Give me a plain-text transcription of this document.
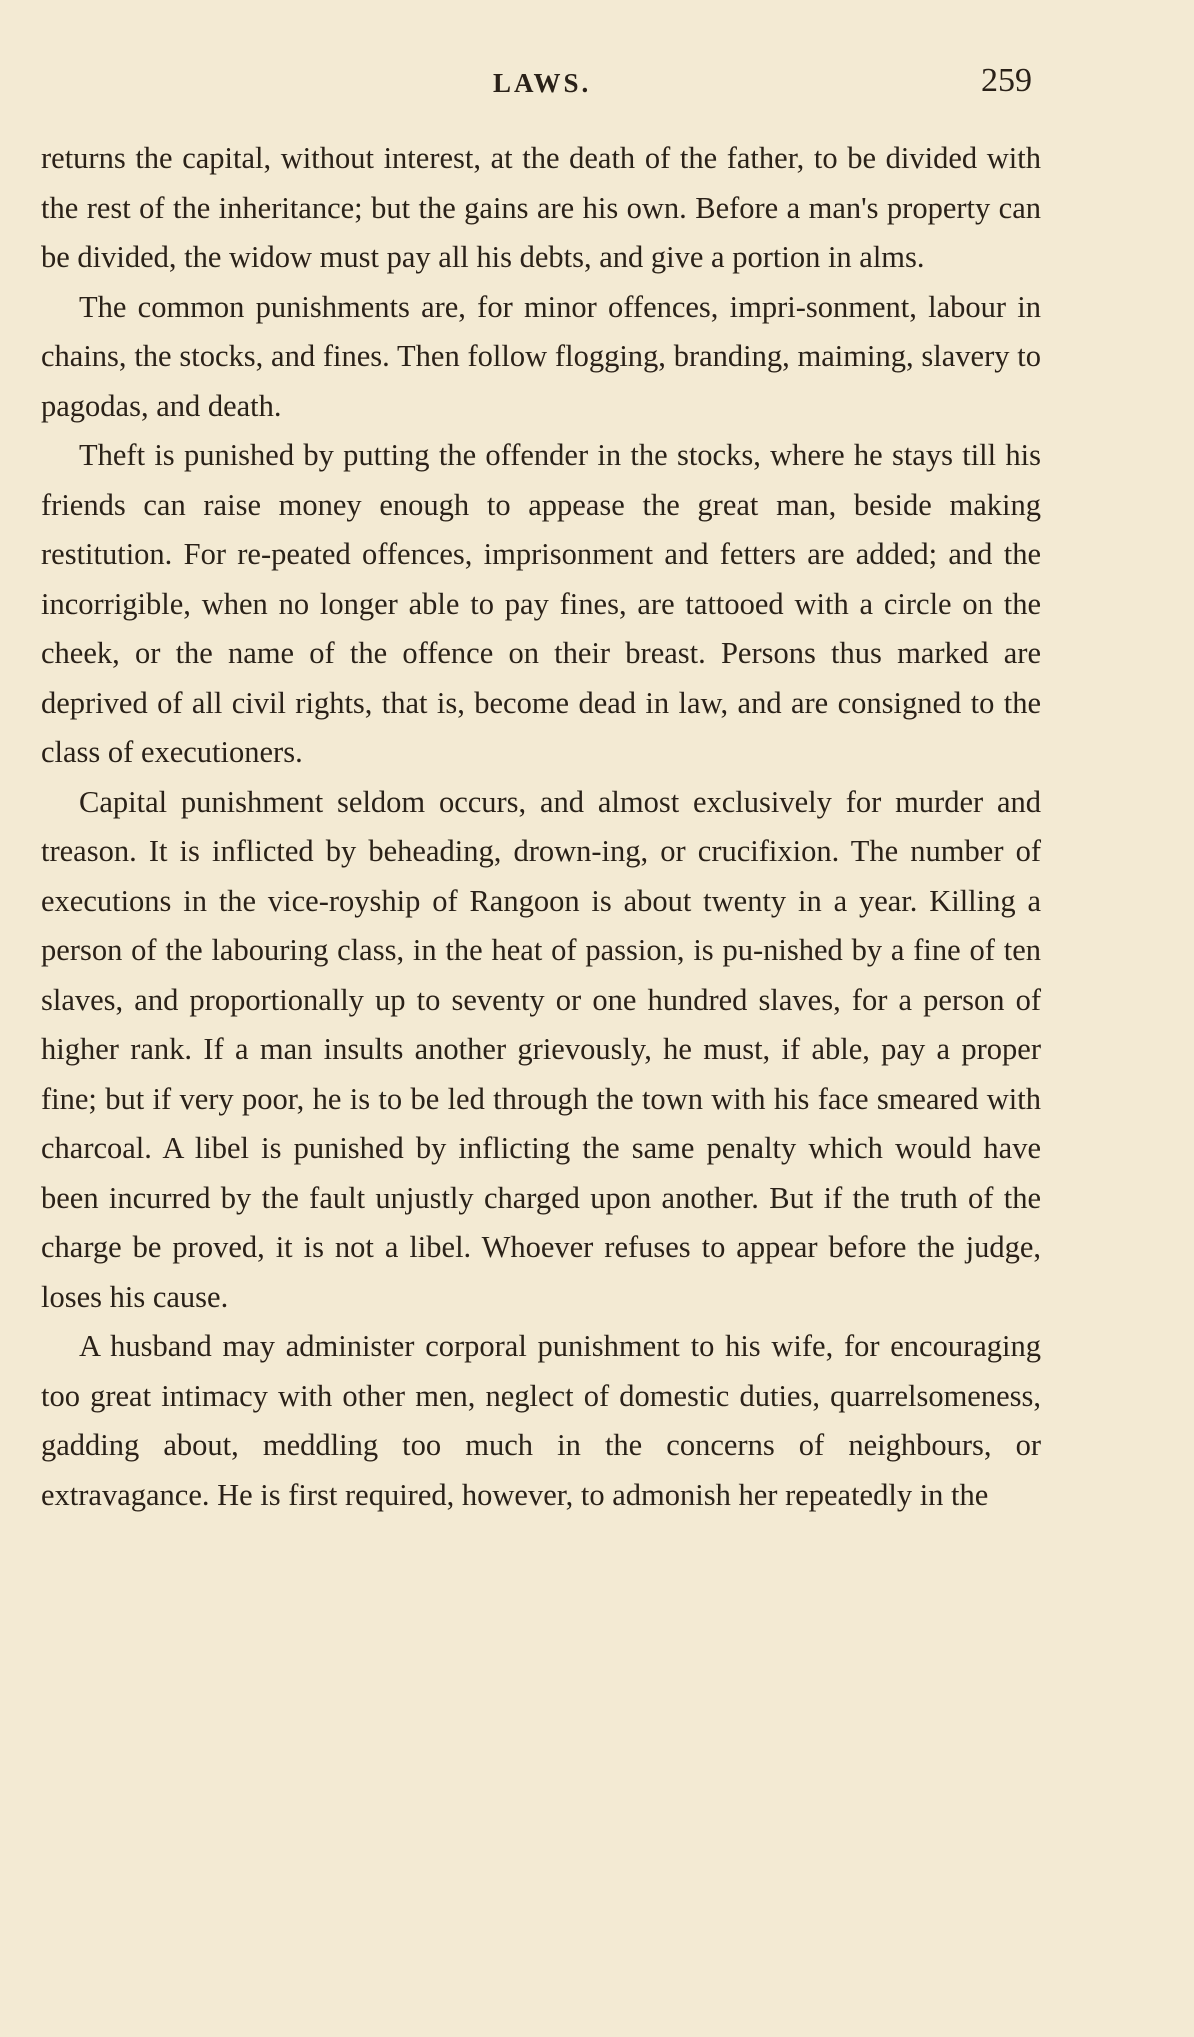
LAWS.	259

returns the capital, without interest, at the death of the father, to be divided with the rest of the inheritance; but the gains are his own. Before a man's property can be divided, the widow must pay all his debts, and give a portion in alms.

The common punishments are, for minor offences, impri-sonment, labour in chains, the stocks, and fines. Then follow flogging, branding, maiming, slavery to pagodas, and death.

Theft is punished by putting the offender in the stocks, where he stays till his friends can raise money enough to appease the great man, beside making restitution. For re-peated offences, imprisonment and fetters are added; and the incorrigible, when no longer able to pay fines, are tattooed with a circle on the cheek, or the name of the offence on their breast. Persons thus marked are deprived of all civil rights, that is, become dead in law, and are consigned to the class of executioners.

Capital punishment seldom occurs, and almost exclusively for murder and treason. It is inflicted by beheading, drown-ing, or crucifixion. The number of executions in the vice-royship of Rangoon is about twenty in a year. Killing a person of the labouring class, in the heat of passion, is pu-nished by a fine of ten slaves, and proportionally up to seventy or one hundred slaves, for a person of higher rank. If a man insults another grievously, he must, if able, pay a proper fine; but if very poor, he is to be led through the town with his face smeared with charcoal. A libel is punished by inflicting the same penalty which would have been incurred by the fault unjustly charged upon another. But if the truth of the charge be proved, it is not a libel. Whoever refuses to appear before the judge, loses his cause.

A husband may administer corporal punishment to his wife, for encouraging too great intimacy with other men, neglect of domestic duties, quarrelsomeness, gadding about, meddling too much in the concerns of neighbours, or extravagance. He is first required, however, to admonish her repeatedly in the
